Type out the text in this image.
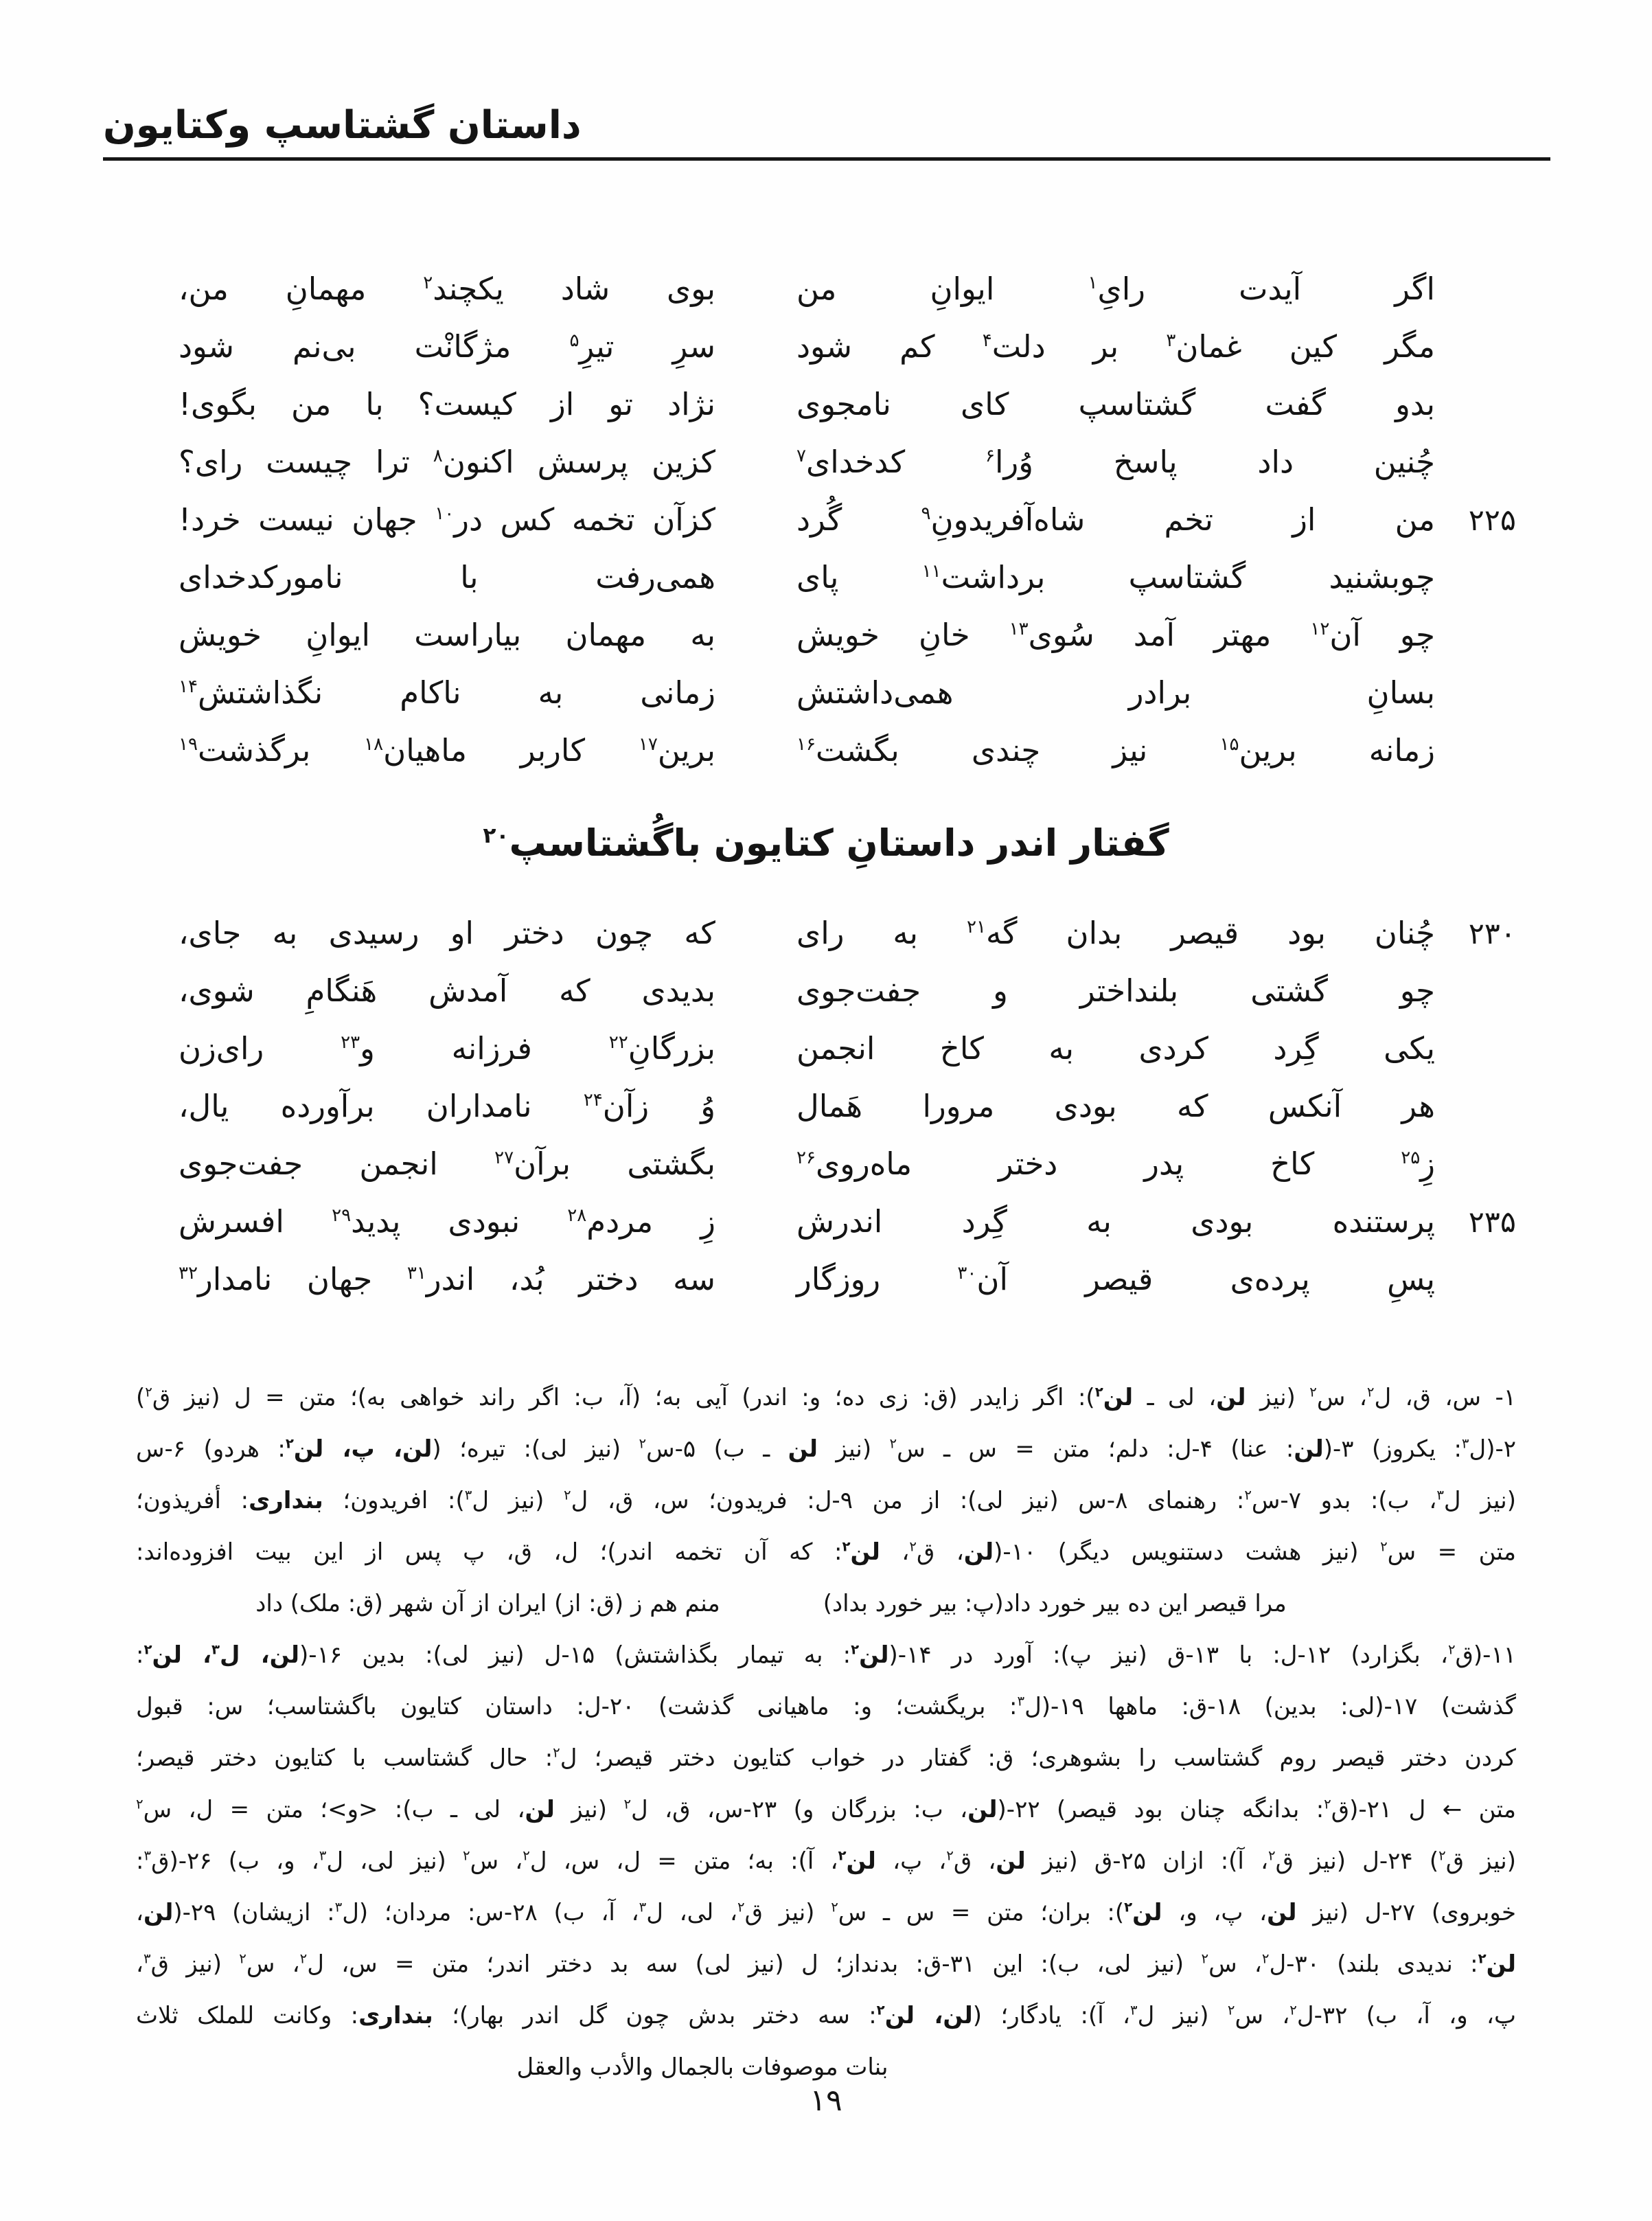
داستان گشتاسپ وکتایون
اگر آیدت رایِ$^۱$ ایوانِ من
بوی شاد یکچند$^۲$ مهمانِ من،
مگر کین غمان$^۳$ بر دلت$^۴$ کم شود
سرِ تیرِ$^۵$ مژگانْت بی‌نم شود
بدو گفت گشتاسپ کای نامجوی
نژاد تو از کیست؟ با من بگوی!
چُنین داد پاسخ وُرا$^۶$ کدخدای$^۷$
کزین پرسش اکنون$^۸$ ترا چیست رای؟
۲۲۵
من از تخم شاه‌آفریدونِ$^۹$ گُرد
کزآن تخمه کس در$^{۱۰}$ جهان نیست خرد!
چوبشنید گشتاسپ برداشت$^{۱۱}$ پای
همی‌رفت با نامورکدخدای
چو آن$^{۱۲}$ مهتر آمد سُوی$^{۱۳}$ خانِ خویش
به مهمان بیاراست ایوانِ خویش
بسانِ برادر همی‌داشتش
زمانی به ناکام نگذاشتش$^{۱۴}$
زمانه برین$^{۱۵}$ نیز چندی بگشت$^{۱۶}$
برین$^{۱۷}$ کاربر ماهیان$^{۱۸}$ برگذشت$^{۱۹}$
گفتار اندر داستانِ کتایون باگُشتاسپ$^{۲۰}$
۲۳۰
چُنان بود قیصر بدان گه$^{۲۱}$ به رای
که چون دختر او رسیدی به جای،
چو گشتی بلنداختر و جفت‌جوی
بدیدی که آمدش هَنگامِ شوی،
یکی گِرد کردی به کاخ انجمن
بزرگانِ$^{۲۲}$ فرزانه و$^{۲۳}$ رای‌زن
هر آنکس که بودی مرورا هَمال
وُ زآن$^{۲۴}$ نامداران برآورده یال،
زِ$^{۲۵}$ کاخ پدر دختر ماه‌روی$^{۲۶}$
بگشتی برآن$^{۲۷}$ انجمن جفت‌جوی
۲۳۵
پرستنده بودی به گِرد اندرش
زِ مردم$^{۲۸}$ نبودی پدید$^{۲۹}$ افسرش
پسِ پرده‌ی قیصر آن$^{۳۰}$ روزگار
سه دختر بُد، اندر$^{۳۱}$ جهان نامدار$^{۳۲}$
۱- س، ق، ل$^۲$، س$^۲$ (نیز لن، لی ـ لن$^۲$): اگر زایدر (ق: زی ده؛ و: اندر) آیی به؛ (آ، ب: اگر راند خواهی به)؛ متن = ل (نیز ق$^۲$)
۲-(ل$^۳$: یکروز) ۳-(لن: عنا) ۴-ل: دلم؛ متن = س ـ س$^۲$ (نیز لن ـ ب) ۵-س$^۲$ (نیز لی): تیره؛ (لن، پ، لن$^۲$: هردو) ۶-س
(نیز ل$^۳$، ب): بدو ۷-س$^۲$: رهنمای ۸-س (نیز لی): از من ۹-ل: فریدون؛ س، ق، ل$^۲$ (نیز ل$^۳$): افریدون؛ بنداری: أفریذون؛
متن = س$^۲$ (نیز هشت دستنویس دیگر) ۱۰-(لن، ق$^۲$، لن$^۲$: که آن تخمه اندر)؛ ل، ق، پ پس از این بیت افزوده‌اند:
مرا قیصر این ده بیر خورد داد(پ: بیر خورد بداد)
منم هم ز (ق: از) ایران از آن شهر (ق: ملک) داد
۱۱-(ق$^۲$، بگزارد) ۱۲-ل: با ۱۳-ق (نیز پ): آورد در ۱۴-(لن$^۲$: به تیمار بگذاشتش) ۱۵-ل (نیز لی): بدین ۱۶-(لن، ل$^۳$، لن$^۲$:
گذشت) ۱۷-(لی: بدین) ۱۸-ق: ماهها ۱۹-(ل$^۳$: بریگشت؛ و: ماهیانی گذشت) ۲۰-ل: داستان کتایون باگشتاسب؛ س: قبول
کردن دختر قیصر روم گشتاسب را بشوهری؛ ق: گفتار در خواب کتایون دختر قیصر؛ ل$^۲$: حال گشتاسب با کتایون دختر قیصر؛
متن ← ل ۲۱-(ق$^۲$: بدانگه چنان بود قیصر) ۲۲-(لن، ب: بزرگان و) ۲۳-س، ق، ل$^۲$ (نیز لن، لی ـ ب): <و>؛ متن = ل، س$^۲$
(نیز ق$^۲$) ۲۴-ل (نیز ق$^۲$، آ): ازان ۲۵-ق (نیز لن، ق$^۲$، پ، لن$^۲$، آ): به؛ متن = ل، س، ل$^۲$، س$^۲$ (نیز لی، ل$^۳$، و، ب) ۲۶-(ق$^۳$:
خوبروی) ۲۷-ل (نیز لن، پ، و، لن$^۲$): بران؛ متن = س ـ س$^۲$ (نیز ق$^۲$، لی، ل$^۳$، آ، ب) ۲۸-س: مردان؛ (ل$^۳$: ازیشان) ۲۹-(لن،
لن$^۲$: ندیدی بلند) ۳۰-ل$^۲$، س$^۲$ (نیز لی، ب): این ۳۱-ق: بدنداز؛ ل (نیز لی) سه بد دختر اندر؛ متن = س، ل$^۲$، س$^۲$ (نیز ق$^۳$،
پ، و، آ، ب) ۳۲-ل$^۲$، س$^۲$ (نیز ل$^۳$، آ): یادگار؛ (لن، لن$^۲$: سه دختر بدش چون گل اندر بهار)؛ بنداری: وكانت للملک ثلاث
بنات موصوفات بالجمال والأدب والعقل
۱۹
